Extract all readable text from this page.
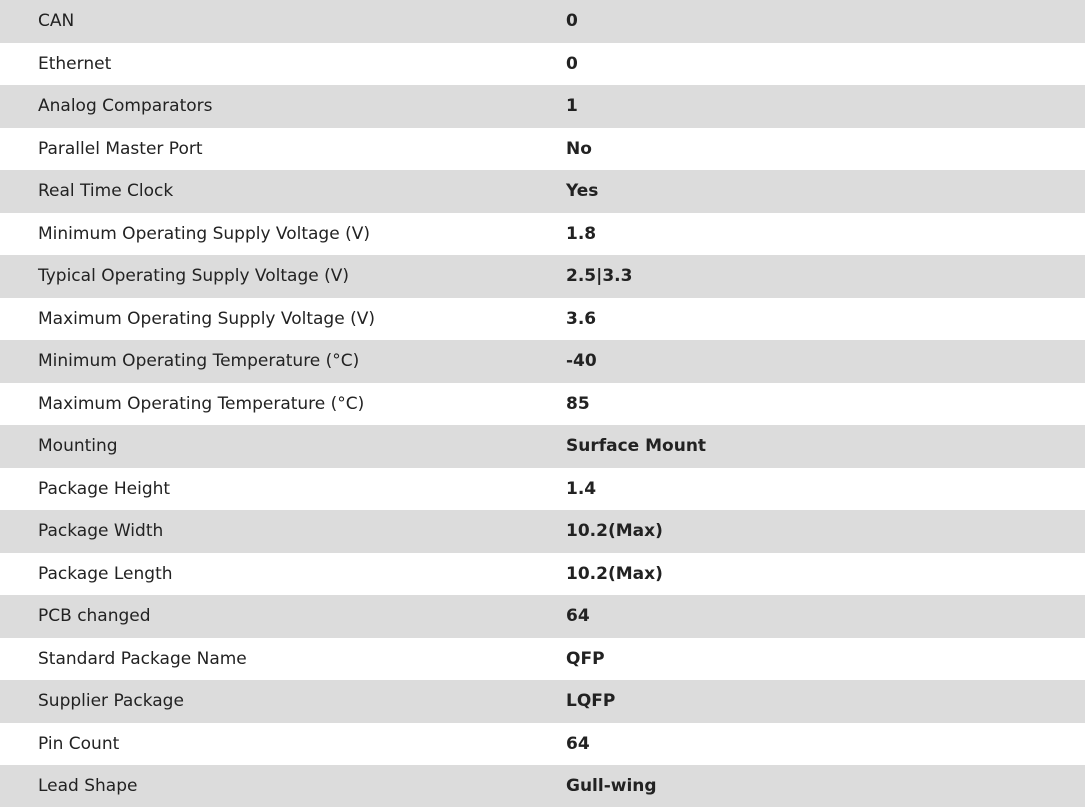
CAN	0
Ethernet	0
Analog Comparators	1
Parallel Master Port	No
Real Time Clock	Yes
Minimum Operating Supply Voltage (V)	1.8
Typical Operating Supply Voltage (V)	2.5|3.3
Maximum Operating Supply Voltage (V)	3.6
Minimum Operating Temperature (°C)	-40
Maximum Operating Temperature (°C)	85
Mounting	Surface Mount
Package Height	1.4
Package Width	10.2(Max)
Package Length	10.2(Max)
PCB changed	64
Standard Package Name	QFP
Supplier Package	LQFP
Pin Count	64
Lead Shape	Gull-wing
